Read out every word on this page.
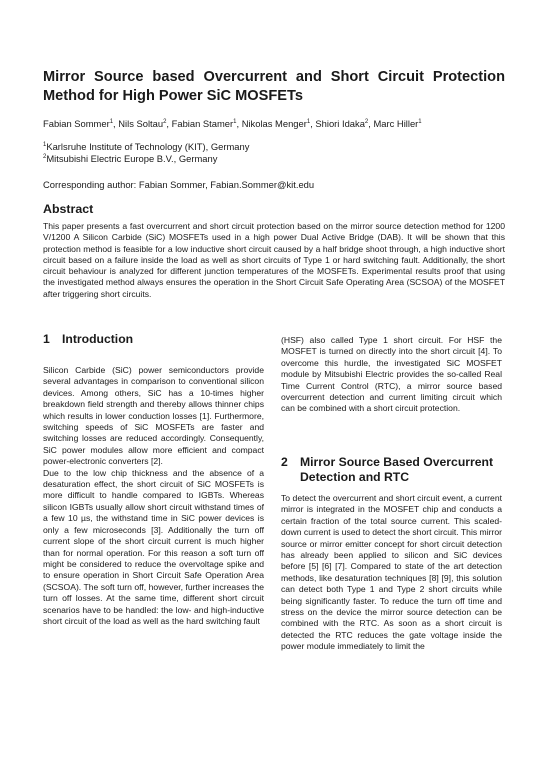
Mirror Source based Overcurrent and Short Circuit Protection Method for High Power SiC MOSFETs
Fabian Sommer$^1$, Nils Soltau$^2$, Fabian Stamer$^1$, Nikolas Menger$^1$, Shiori Idaka$^2$, Marc Hiller$^1$
$^1$Karlsruhe Institute of Technology (KIT), Germany
$^2$Mitsubishi Electric Europe B.V., Germany
Corresponding author: Fabian Sommer, Fabian.Sommer@kit.edu
Abstract

This paper presents a fast overcurrent and short circuit protection based on the mirror source detection method for 1200 V/1200 A Silicon Carbide (SiC) MOSFETs used in a high power Dual Active Bridge (DAB). It will be shown that this protection method is feasible for a low inductive short circuit caused by a half bridge shoot through, a high inductive short circuit based on a failure inside the load as well as short circuits of Type 1 or hard switching fault. Additionally, the short circuit behaviour is analyzed for different junction temperatures of the MOSFETs. Experimental results proof that using the investigated method always ensures the operation in the Short Circuit Safe Operating Area (SCSOA) of the MOSFET after triggering short circuits.

1 Introduction

Silicon Carbide (SiC) power semiconductors provide several advantages in comparison to conventional silicon devices. Among others, SiC has a 10-times higher breakdown field strength and thereby allows thinner chips which results in lower conduction losses [1]. Furthermore, switching speeds of SiC MOSFETs are faster and switching losses are reduced accordingly. Consequently, SiC power modules allow more efficient and compact power-electronic converters [2].

Due to the low chip thickness and the absence of a desaturation effect, the short circuit of SiC MOSFETs is more difficult to handle compared to IGBTs. Whereas silicon IGBTs usually allow short circuit withstand times of a few 10 µs, the withstand time in SiC power devices is only a few microseconds [3]. Additionally the turn off current slope of the short circuit current is much higher than for normal operation. For this reason a soft turn off might be considered to reduce the overvoltage spike and to ensure operation in Short Circuit Safe Operation Area (SCSOA). The soft turn off, however, further increases the turn off losses. At the same time, different short circuit scenarios have to be handled: the low- and high-inductive short circuit of the load as well as the hard switching fault

(HSF) also called Type 1 short circuit. For HSF the MOSFET is turned on directly into the short circuit [4]. To overcome this hurdle, the investigated SiC MOSFET module by Mitsubishi Electric provides the so-called Real Time Current Control (RTC), a mirror source based overcurrent detection and current limiting circuit which can be combined with a short circuit protection.

2 Mirror Source Based Overcurrent
Detection and RTC

To detect the overcurrent and short circuit event, a current mirror is integrated in the MOSFET chip and conducts a certain fraction of the total source current. This scaled-down current is used to detect the short circuit. This mirror source or mirror emitter concept for short circuit detection has already been applied to silicon and SiC devices before [5] [6] [7]. Compared to state of the art detection methods, like desaturation techniques [8] [9], this solution can detect both Type 1 and Type 2 short circuits while being significantly faster. To reduce the turn off time and stress on the device the mirror source detection can be combined with the RTC. As soon as a short circuit is detected the RTC reduces the gate voltage inside the power module immediately to limit the
